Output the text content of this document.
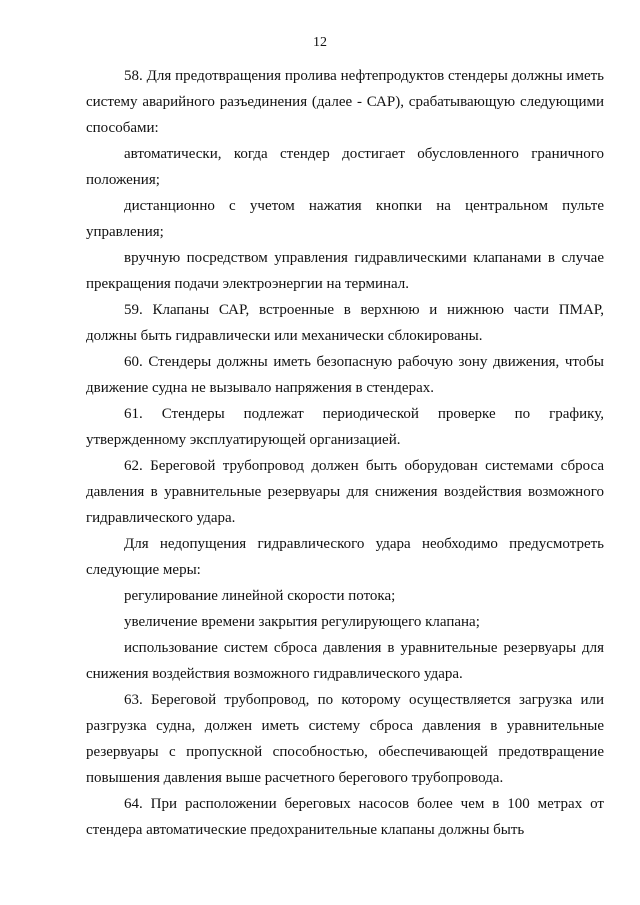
12

58. Для предотвращения пролива нефтепродуктов стендеры должны иметь систему аварийного разъединения (далее - САР), срабатывающую следующими способами:

автоматически, когда стендер достигает обусловленного граничного положения;

дистанционно с учетом нажатия кнопки на центральном пульте управления;

вручную посредством управления гидравлическими клапанами в случае прекращения подачи электроэнергии на терминал.

59. Клапаны САР, встроенные в верхнюю и нижнюю части ПМАР, должны быть гидравлически или механически сблокированы.

60. Стендеры должны иметь безопасную рабочую зону движения, чтобы движение судна не вызывало напряжения в стендерах.

61. Стендеры подлежат периодической проверке по графику, утвержденному эксплуатирующей организацией.

62. Береговой трубопровод должен быть оборудован системами сброса давления в уравнительные резервуары для снижения воздействия возможного гидравлического удара.

Для недопущения гидравлического удара необходимо предусмотреть следующие меры:

регулирование линейной скорости потока;

увеличение времени закрытия регулирующего клапана;

использование систем сброса давления в уравнительные резервуары для снижения воздействия возможного гидравлического удара.

63. Береговой трубопровод, по которому осуществляется загрузка или разгрузка судна, должен иметь систему сброса давления в уравнительные резервуары с пропускной способностью, обеспечивающей предотвращение повышения давления выше расчетного берегового трубопровода.

64. При расположении береговых насосов более чем в 100 метрах от стендера автоматические предохранительные клапаны должны быть
